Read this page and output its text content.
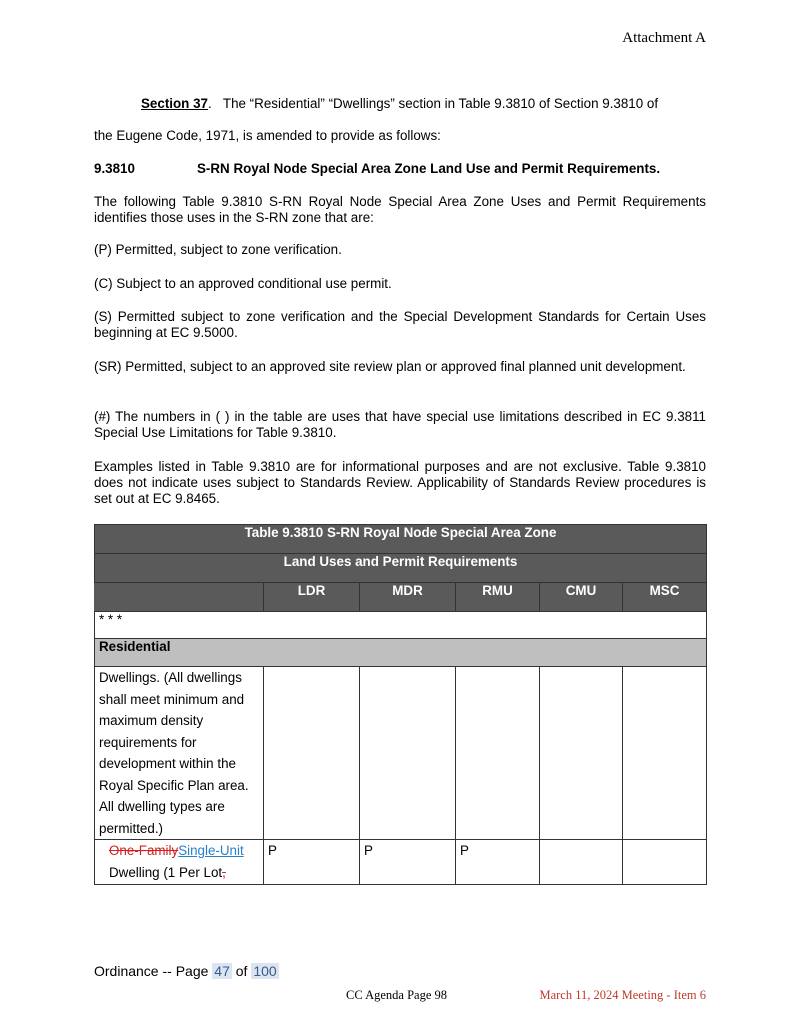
Attachment A
Section 37. The “Residential” “Dwellings” section in Table 9.3810 of Section 9.3810 of
the Eugene Code, 1971, is amended to provide as follows:
9.3810	S-RN Royal Node Special Area Zone Land Use and Permit Requirements.
The following Table 9.3810 S-RN Royal Node Special Area Zone Uses and Permit Requirements identifies those uses in the S-RN zone that are:
(P) Permitted, subject to zone verification.
(C) Subject to an approved conditional use permit.
(S) Permitted subject to zone verification and the Special Development Standards for Certain Uses beginning at EC 9.5000.
(SR) Permitted, subject to an approved site review plan or approved final planned unit development.
(#) The numbers in ( ) in the table are uses that have special use limitations described in EC 9.3811 Special Use Limitations for Table 9.3810.
Examples listed in Table 9.3810 are for informational purposes and are not exclusive. Table 9.3810 does not indicate uses subject to Standards Review. Applicability of Standards Review procedures is set out at EC 9.8465.
Table 9.3810 S-RN Royal Node Special Area Zone					
Land Uses and Permit Requirements					
	LDR	MDR	RMU	CMU	MSC
* * *					
Residential					
Dwellings. (All dwellings shall meet minimum and maximum density requirements for development within the Royal Specific Plan area. All dwelling types are permitted.)					
One-FamilySingle-Unit
Dwelling (1 Per Lot,	P	P	P		
Ordinance -- Page 47 of 100
CC Agenda Page 98	March 11, 2024 Meeting - Item 6
